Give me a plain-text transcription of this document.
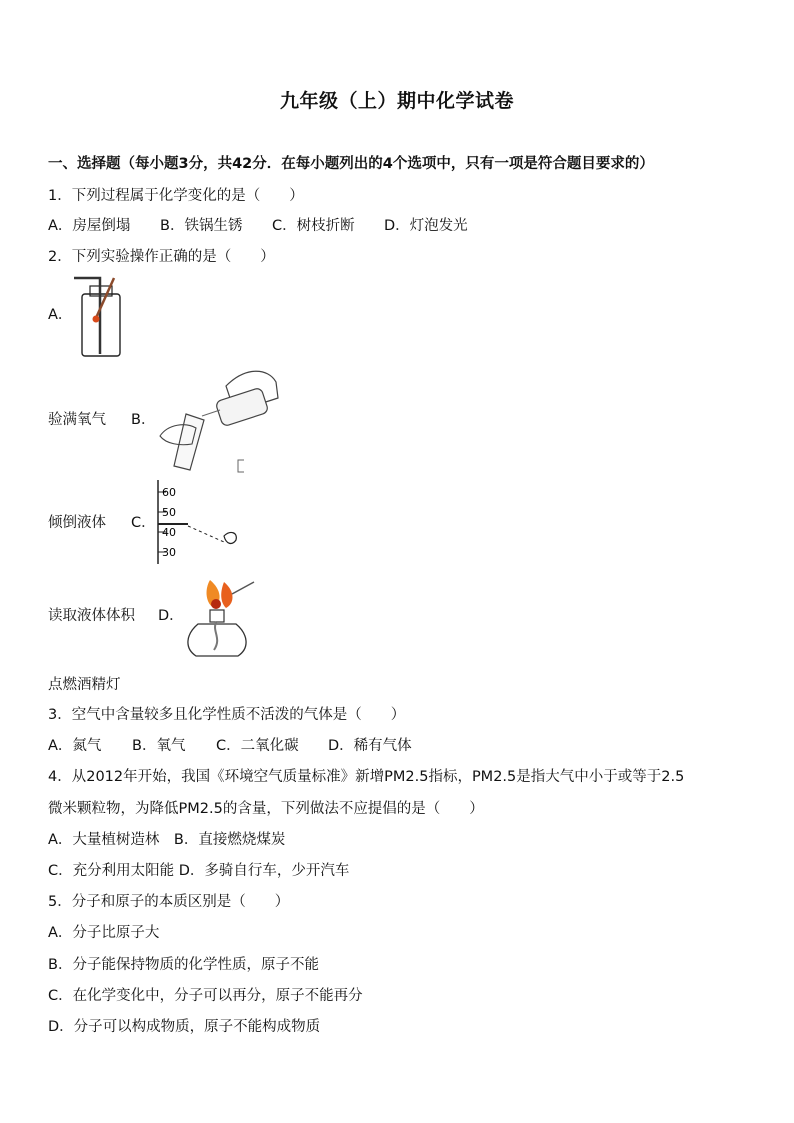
九年级（上）期中化学试卷
一、选择题（每小题3分，共42分．在每小题列出的4个选项中，只有一项是符合题目要求的）
1．下列过程属于化学变化的是（　　）
A．房屋倒塌 B．铁锅生锈 C．树枝折断 D．灯泡发光
2．下列实验操作正确的是（　　）
A．
验满氧气 B．
倾倒液体 C．
60
50
40
30
读取液体体积 D．
点燃酒精灯
3．空气中含量较多且化学性质不活泼的气体是（　　）
A．氮气 B．氧气 C．二氧化碳 D．稀有气体
4．从2012年开始，我国《环境空气质量标准》新增PM2.5指标，PM2.5是指大气中小于或等于2.5
微米颗粒物，为降低PM2.5的含量，下列做法不应提倡的是（　　）
A．大量植树造林　B．直接燃烧煤炭
C．充分利用太阳能 D．多骑自行车，少开汽车
5．分子和原子的本质区别是（　　）
A．分子比原子大
B．分子能保持物质的化学性质，原子不能
C．在化学变化中，分子可以再分，原子不能再分
D．分子可以构成物质，原子不能构成物质
